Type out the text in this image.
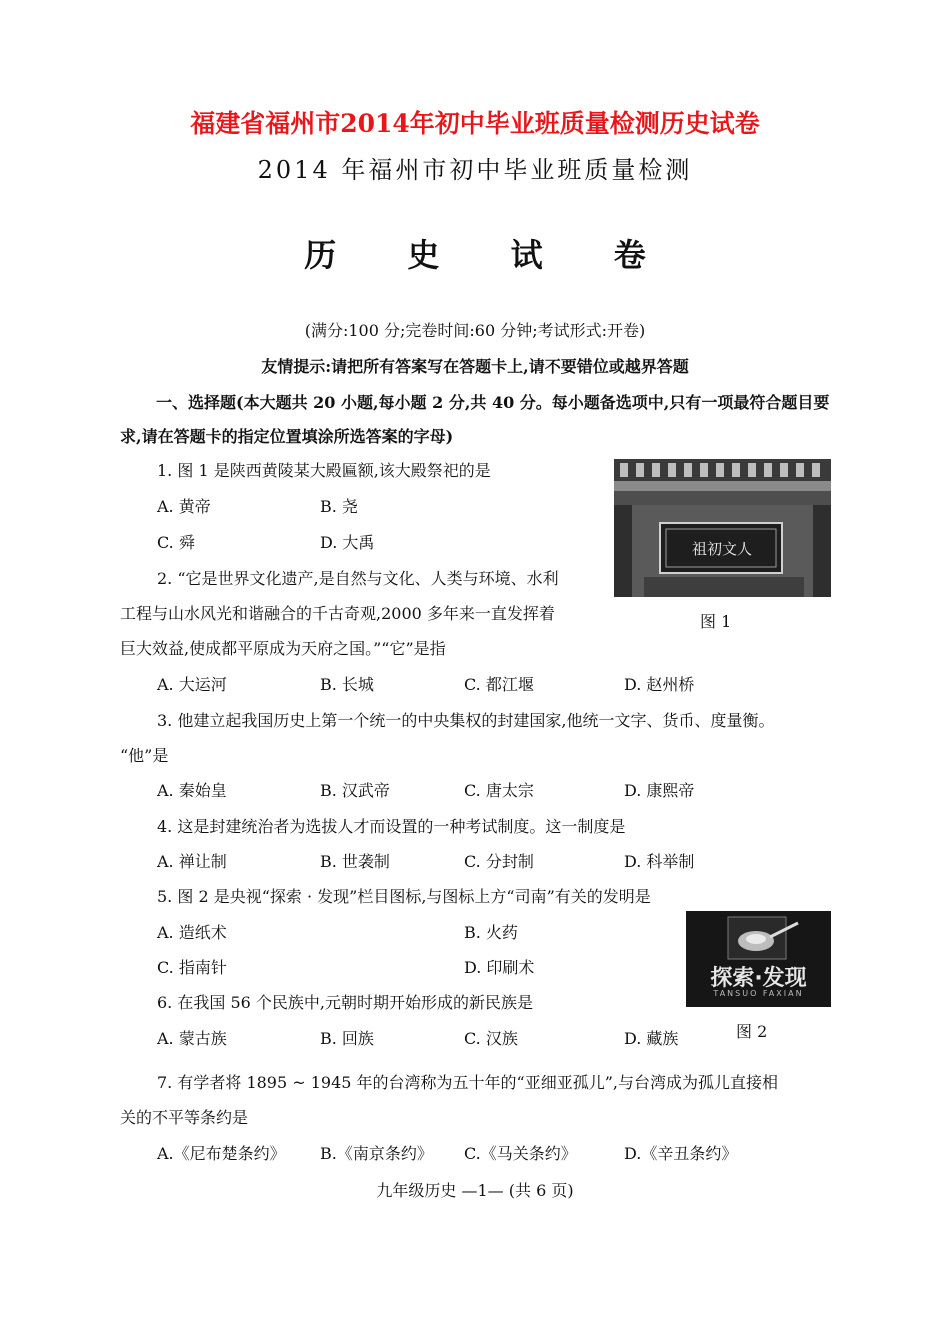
福建省福州市2014年初中毕业班质量检测历史试卷
2014 年福州市初中毕业班质量检测
历 史 试 卷
(满分:100 分;完卷时间:60 分钟;考试形式:开卷)
友情提示:请把所有答案写在答题卡上,请不要错位或越界答题
一、选择题(本大题共 20 小题,每小题 2 分,共 40 分。每小题备选项中,只有一项最符合题目要求,请在答题卡的指定位置填涂所选答案的字母)
1. 图 1 是陕西黄陵某大殿匾额,该大殿祭祀的是
A. 黄帝	B. 尧
C. 舜	D. 大禹	人文初祖
图 1
2. “它是世界文化遗产,是自然与文化、人类与环境、水利
工程与山水风光和谐融合的千古奇观,2000 多年来一直发挥着
巨大效益,使成都平原成为天府之国。”“它”是指
A. 大运河	B. 长城	C. 都江堰	D. 赵州桥
3. 他建立起我国历史上第一个统一的中央集权的封建国家,他统一文字、货币、度量衡。
“他”是
A. 秦始皇	B. 汉武帝	C. 唐太宗	D. 康熙帝
4. 这是封建统治者为选拔人才而设置的一种考试制度。这一制度是
A. 禅让制	B. 世袭制	C. 分封制	D. 科举制
5. 图 2 是央视“探索 · 发现”栏目图标,与图标上方“司南”有关的发明是
A. 造纸术	B. 火药
C. 指南针	D. 印刷术	探索·发现
TANSUO FAXIAN
图 2
6. 在我国 56 个民族中,元朝时期开始形成的新民族是
A. 蒙古族	B. 回族	C. 汉族	D. 藏族
7. 有学者将 1895 ~ 1945 年的台湾称为五十年的“亚细亚孤儿”,与台湾成为孤儿直接相
关的不平等条约是
A.《尼布楚条约》 B.《南京条约》 C.《马关条约》	D.《辛丑条约》
九年级历史 —1— (共 6 页)
